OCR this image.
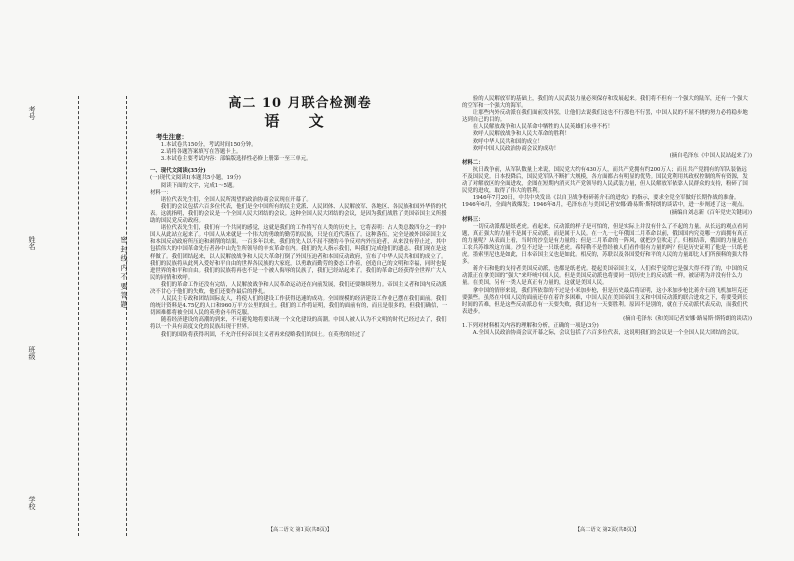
密 封 线 内 不 要 答 题
考号
姓名
班级
学校
高二 10 月联合检测卷
语 文
考生注意：

1.本试卷共150分，考试时间150分钟。

2.请将各题答案填写在答题卡上。

3.本试卷主要考试内容：部编版选择性必修上册第一至三单元。

一、现代文阅读(35分)

(一)现代文阅读Ⅰ(本题共5小题，19分)

阅读下面的文字，完成1～5题。

材料一：

诸位代表先生们，全国人民所渴望的政治协商会议现在开幕了。

我们的会议包括六百多位代表，他们是全中国所有的民主党派、人民团体、人民解放军、各地区、各民族和国外华侨的代表。这就指明，我们的会议是一个全国人民大团结的会议。这种全国人民大团结的会议，是因为我们战胜了美国帝国主义所援助的国民党反动政府。

诸位代表先生们，我们有一个共同的感觉，这就是我们的工作将写在人类的历史上，它将表明：占人类总数四分之一的中国人从此站立起来了。中国人从来就是一个伟大的勇敢的勤劳的民族，只是在近代落伍了。这种落伍，完全是被外国帝国主义和本国反动政府所压迫和剥削的结果。一百多年以来，我们的先人以不屈不挠的斗争反对内外压迫者，从来没有停止过，其中包括伟大的中国革命先行者孙中山先生所领导的辛亥革命在内。我们的先人指示我们，叫我们完成他们的遗志。我们现在是这样做了。我们团结起来，以人民解放战争和人民大革命打倒了外国压迫者和本国反动政府，宣布了中华人民共和国的成立了。我们的民族将从此列入爱好和平自由的世界各民族的大家庭，以勇敢而勤劳的姿态工作着，创造自己的文明和幸福，同时也促进世界的和平和自由。我们的民族将再也不是一个被人侮辱的民族了，我们已经站起来了。我们的革命已经获得全世界广大人民的同情和欢呼。

我们的革命工作还没有完结，人民解放战争和人民革命运动还在向前发展，我们还要继续努力。帝国主义者和国内反动派决不甘心于他们的失败，他们还要作最后的挣扎。

人民民主专政和团结国际友人，将使人们的建设工作获得迅速的成功。全国规模的经济建设工作业已摆在我们面前。我们的统计资料是4.75亿的人口和960万平方公里的国土。我们的工作将证明，我们的面前有的，而且是很多的，但我们确信，一切困难都将被全国人民的英勇奋斗所克服。

随着经济建设的高潮的到来，不可避免地将要出现一个文化建设的高潮。中国人被人认为不文明的时代已经过去了，我们将以一个具有高度文化的民族出现于世界。

我们的国防将获得巩固，不允许任何帝国主义者再来侵略我们的国土。在英勇的经过了

【高二语文 第1页(共8页)】

验的人民解放军的基础上，我们的人民武装力量必须保存和发展起来。我们将不但有一个强大的陆军，还有一个强大的空军和一个强大的海军。

让那些内外反动派在我们面前发抖罢，让他们去说我们这也不行那也不行罢，中国人民的不屈不挠的努力必将稳步地达到自己的目的。

在人民解放战争和人民革命中牺牲的人民英雄们永垂不朽！

欢呼人民解放战争和人民大革命的胜利！

欢呼中华人民共和国的成立！

欢呼中国人民政治协商会议的成功！

(摘自毛泽东《中国人民站起来了》)

材料二：

抗日战争前，从军队数量上来说，国民党大约有430万人，而共产党拥有约200万人；而且共产党拥有的军队装备远不及国民党。日本投降后，国民党军队不断扩大规模，各方面都占有明显的优势。国民党利用其政权控制的所有资源，发动了对解放区的全面进攻，企图在短期内消灭共产党领导的人民武装力量，但人民解放军依靠人民群众的支持，粉碎了国民党的进攻，取得了伟大的胜利。

1946年7月20日，中共中央发出《以自卫战争粉碎蒋介石的进攻》的指示，要求全党全军做好长期作战的准备。1946年6月，全面内战爆发；1946年8月，毛泽东在与美国记者安娜·路易斯·斯特朗的谈话中，进一步阐述了这一观点。

(摘编自刘志新《百年党史关键词》)

材料三：

一切反动派都是纸老虎。看起来，反动派的样子是可怕的，但是实际上并没有什么了不起的力量。从长远的观点看问题，真正强大的力量不是属于反动派，而是属于人民。在一九一七年俄国二月革命以前，俄国国内究竟哪一方面拥有真正的力量呢？从表面上看，当时的沙皇是有力量的；但是二月革命的一阵风，就把沙皇吹走了。归根结蒂，俄国的力量是在工农兵苏维埃这方面。沙皇不过是一只纸老虎。希特勒不是曾经被人们看作很有力量的吗？但是历史证明了他是一只纸老虎。墨索里尼也是如此，日本帝国主义也是如此。相反的，苏联以及各国爱好和平的人民的力量却比人们所预料的强大得多。

蒋介石和他的支持者美国反动派，也都是纸老虎。提起美国帝国主义，人们似乎觉得它是强大得不得了的，中国的反动派正在拿美国的“强大”来吓唬中国人民。但是美国反动派也将要同一切历史上的反动派一样，被证明为并没有什么力量。在美国，另有一类人是真正有力量的，这就是美国人民。

拿中国的情形来说，我们所依靠的不过是小米加步枪，但是历史最后将证明，这小米加步枪比蒋介石的飞机加坦克还要强些。虽然在中国人民的面前还存在着许多困难，中国人民在美国帝国主义和中国反动派的联合进攻之下，将要受到长时间的苦难，但是这些反动派总有一天要失败，我们总有一天要胜利。原因不是别的，就在于反动派代表反动，而我们代表进步。

(摘自毛泽东《和美国记者安娜·路易斯·斯特朗的谈话》)

1.下列对材料相关内容的理解和分析，正确的一项是(3分)

A.全国人民政治协商会议开幕之际，会议包括了六百多位代表，这说明我们的会议是一个全国人民大团结的会议。

【高二语文 第2页(共8页)】
